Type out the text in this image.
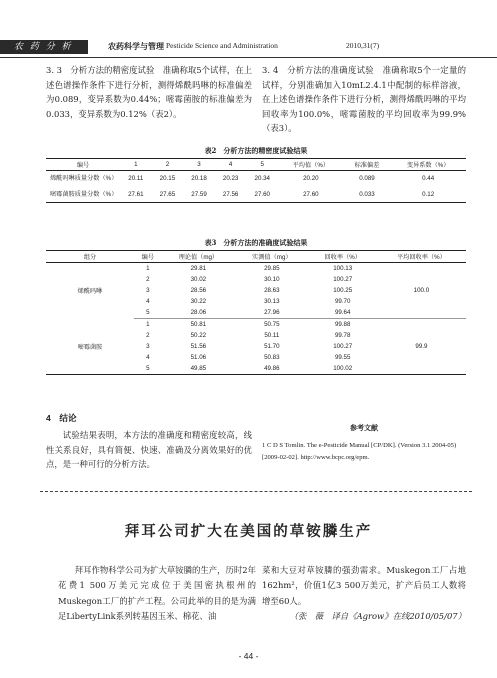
农 药 分 析	农药科学与管理 Pesticide Science and Administration	2010,31(7)
3. 3　分析方法的精密度试验　准确称取5个试样，在上述色谱操作条件下进行分析，测得烯酰吗啉的标准偏差为0.089，变异系数为0.44%；嘧霉菌胺的标准偏差为0.033，变异系数为0.12%（表2）。
3. 4　分析方法的准确度试验　准确称取5个一定量的试样，分别准确加入10mL2.4.1中配制的标样溶液，在上述色谱操作条件下进行分析，测得烯酰吗啉的平均回收率为100.0%，嘧霉菌胺的平均回收率为99.9%（表3）。
表2　分析方法的精密度试验结果
编号	1	2	3	4	5	平均值（%）	标准偏差	变异系数（%）
烯酰吗啉质量分数（%）	20.11	20.15	20.18	20.23	20.34	20.20	0.089	0.44
嘧霉菌胺质量分数（%）	27.61	27.65	27.59	27.56	27.60	27.60	0.033	0.12
表3　分析方法的准确度试验结果
组分	编号	理论值（mg）	实测值（mg）	回收率（%）	平均回收率（%）
烯酰吗啉	1	29.81	29.85	100.13	100.0
	2	30.02	30.10	100.27	
	3	28.56	28.63	100.25	
	4	30.22	30.13	99.70	
	5	28.06	27.96	99.64	
嘧霉菌胺	1	50.81	50.75	99.88	99.9
	2	50.22	50.11	99.78	
	3	51.56	51.70	100.27	
	4	51.06	50.83	99.55	
	5	49.85	49.86	100.02	
4　结论
试验结果表明，本方法的准确度和精密度较高，线性关系良好，具有简便、快速、准确及分离效果好的优点，是一种可行的分析方法。
参考文献
1 C D S Tomlin. The e-Pesticide Manual [CP/DK]. (Version 3.1 2004-05)[2009-02-02]. http://www.bcpc.org/epm.
拜耳公司扩大在美国的草铵膦生产
拜耳作物科学公司为扩大草铵膦的生产，历时2年花费1 500万美元完成位于美国密执根州的Muskegon工厂的扩产工程。公司此举的目的是为满足LibertyLink系列转基因玉米、棉花、油
菜和大豆对草铵膦的强劲需求。Muskegon工厂占地162hm²，价值1亿3 500万美元，扩产后员工人数将增至60人。
（张　薇　译自《Agrow》在线2010/05/07）
- 44 -
